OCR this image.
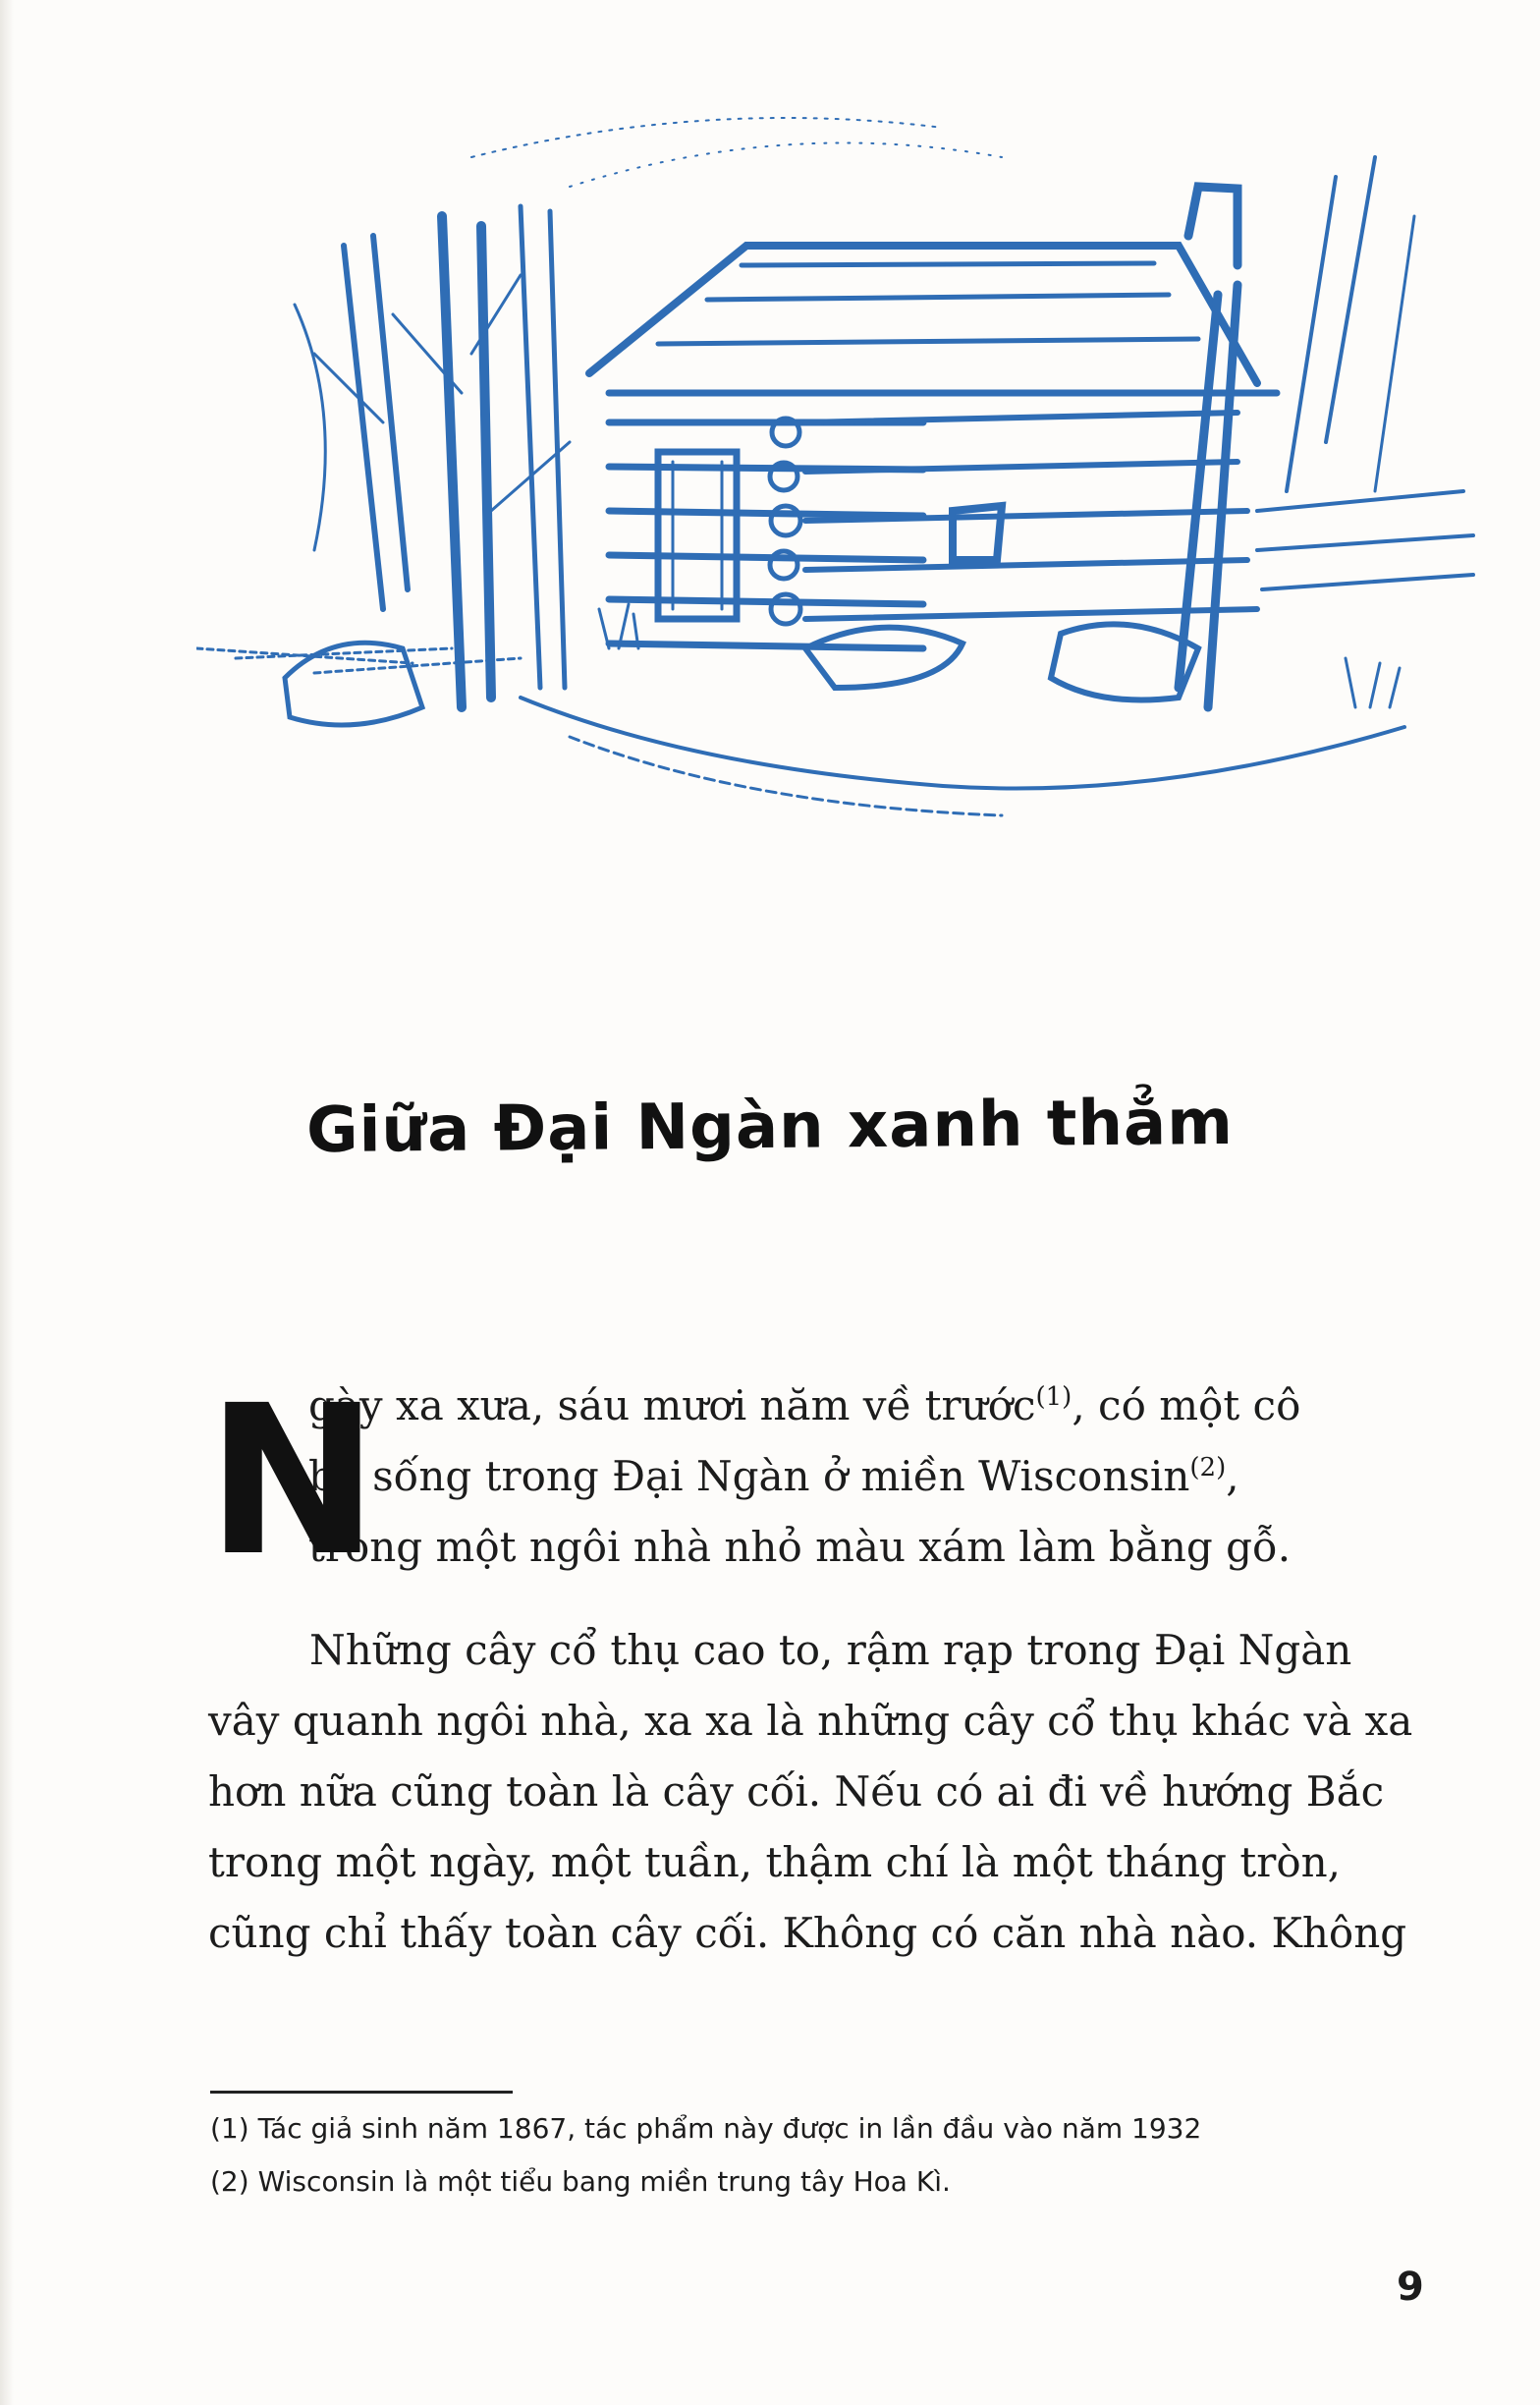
Giữa Đại Ngàn xanh thẳm
N
gày xa xưa, sáu mươi năm về trước$^{(1)}$, có một cô
bé sống trong Đại Ngàn ở miền Wisconsin$^{(2)}$,
trong một ngôi nhà nhỏ màu xám làm bằng gỗ.
Những cây cổ thụ cao to, rậm rạp trong Đại Ngàn
vây quanh ngôi nhà, xa xa là những cây cổ thụ khác và xa
hơn nữa cũng toàn là cây cối. Nếu có ai đi về hướng Bắc
trong một ngày, một tuần, thậm chí là một tháng tròn,
cũng chỉ thấy toàn cây cối. Không có căn nhà nào. Không
(1) Tác giả sinh năm 1867, tác phẩm này được in lần đầu vào năm 1932
(2) Wisconsin là một tiểu bang miền trung tây Hoa Kì.
9
